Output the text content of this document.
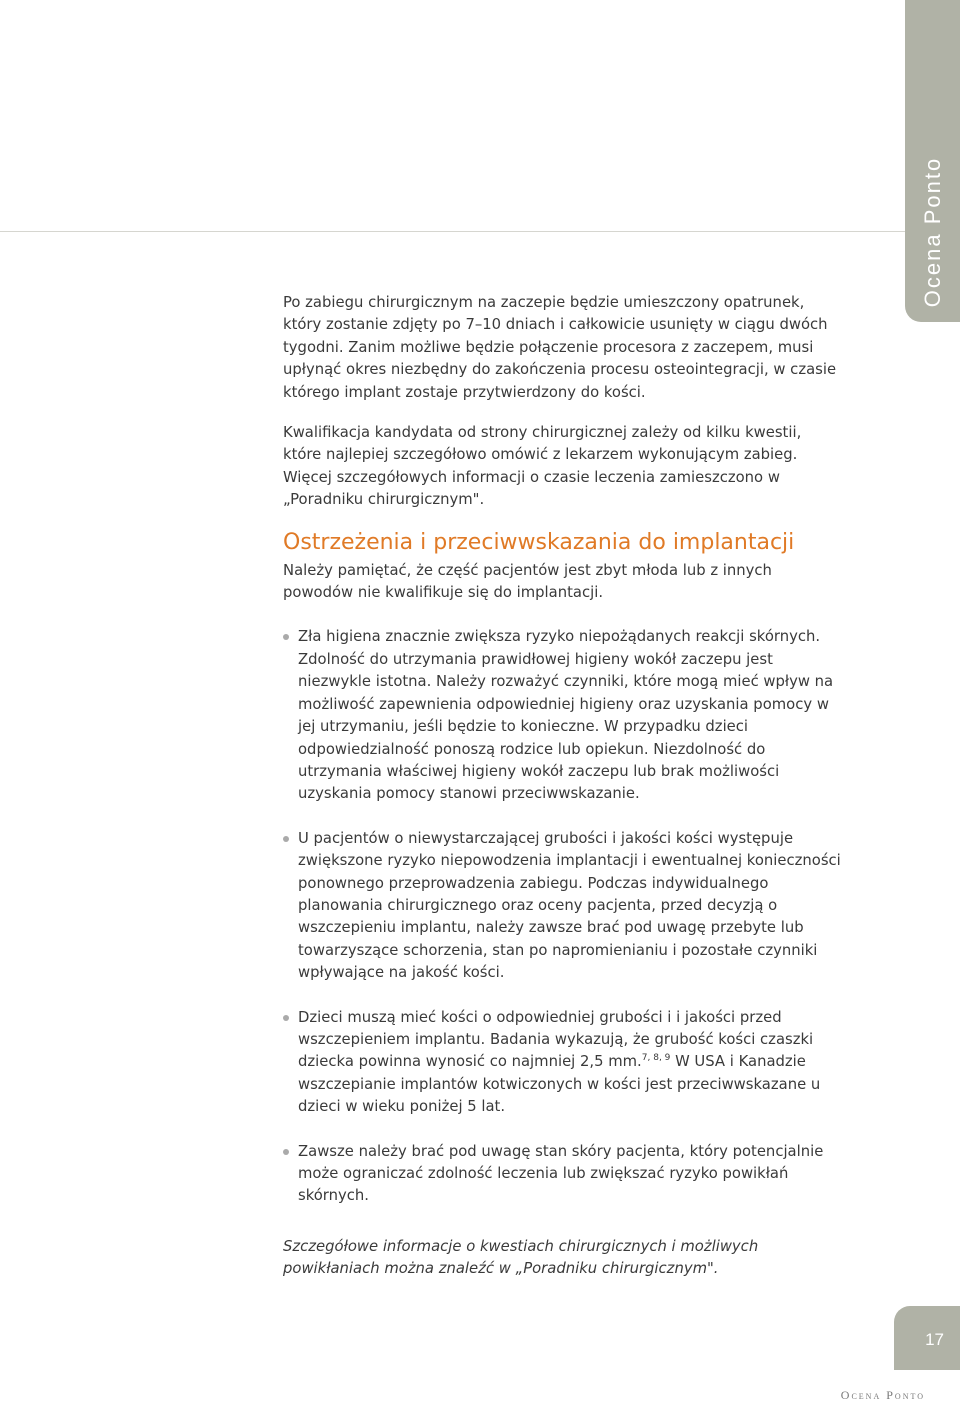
Ocena Ponto

Po zabiegu chirurgicznym na zaczepie będzie umieszczony opatrunek, który zostanie zdjęty po 7–10 dniach i całkowicie usunięty w ciągu dwóch tygodni. Zanim możliwe będzie połączenie procesora z zaczepem, musi upłynąć okres niezbędny do zakończenia procesu osteointegracji, w czasie którego implant zostaje przytwierdzony do kości.

Kwalifikacja kandydata od strony chirurgicznej zależy od kilku kwestii, które najlepiej szczegółowo omówić z lekarzem wykonującym zabieg. Więcej szczegółowych informacji o czasie leczenia zamieszczono w „Poradniku chirurgicznym".

Ostrzeżenia i przeciwwskazania do implantacji

Należy pamiętać, że część pacjentów jest zbyt młoda lub z innych powodów nie kwalifikuje się do implantacji.

Zła higiena znacznie zwiększa ryzyko niepożądanych reakcji skórnych. Zdolność do utrzymania prawidłowej higieny wokół zaczepu jest niezwykle istotna. Należy rozważyć czynniki, które mogą mieć wpływ na możliwość zapewnienia odpowiedniej higieny oraz uzyskania pomocy w jej utrzymaniu, jeśli będzie to konieczne. W przypadku dzieci odpowiedzialność ponoszą rodzice lub opiekun. Niezdolność do utrzymania właściwej higieny wokół zaczepu lub brak możliwości uzyskania pomocy stanowi przeciwwskazanie.
U pacjentów o niewystarczającej grubości i jakości kości występuje zwiększone ryzyko niepowodzenia implantacji i ewentualnej konieczności ponownego przeprowadzenia zabiegu. Podczas indywidualnego planowania chirurgicznego oraz oceny pacjenta, przed decyzją o wszczepieniu implantu, należy zawsze brać pod uwagę przebyte lub towarzyszące schorzenia, stan po napromienianiu i pozostałe czynniki wpływające na jakość kości.
Dzieci muszą mieć kości o odpowiedniej grubości i i jakości przed wszczepieniem implantu. Badania wykazują, że grubość kości czaszki dziecka powinna wynosić co najmniej 2,5 mm.$^{7, 8, 9}$ W USA i Kanadzie wszczepianie implantów kotwiczonych w kości jest przeciwwskazane u dzieci w wieku poniżej 5 lat.
Zawsze należy brać pod uwagę stan skóry pacjenta, który potencjalnie może ograniczać zdolność leczenia lub zwiększać ryzyko powikłań skórnych.

Szczegółowe informacje o kwestiach chirurgicznych i możliwych powikłaniach można znaleźć w „Poradniku chirurgicznym".

17
Ocena Ponto
